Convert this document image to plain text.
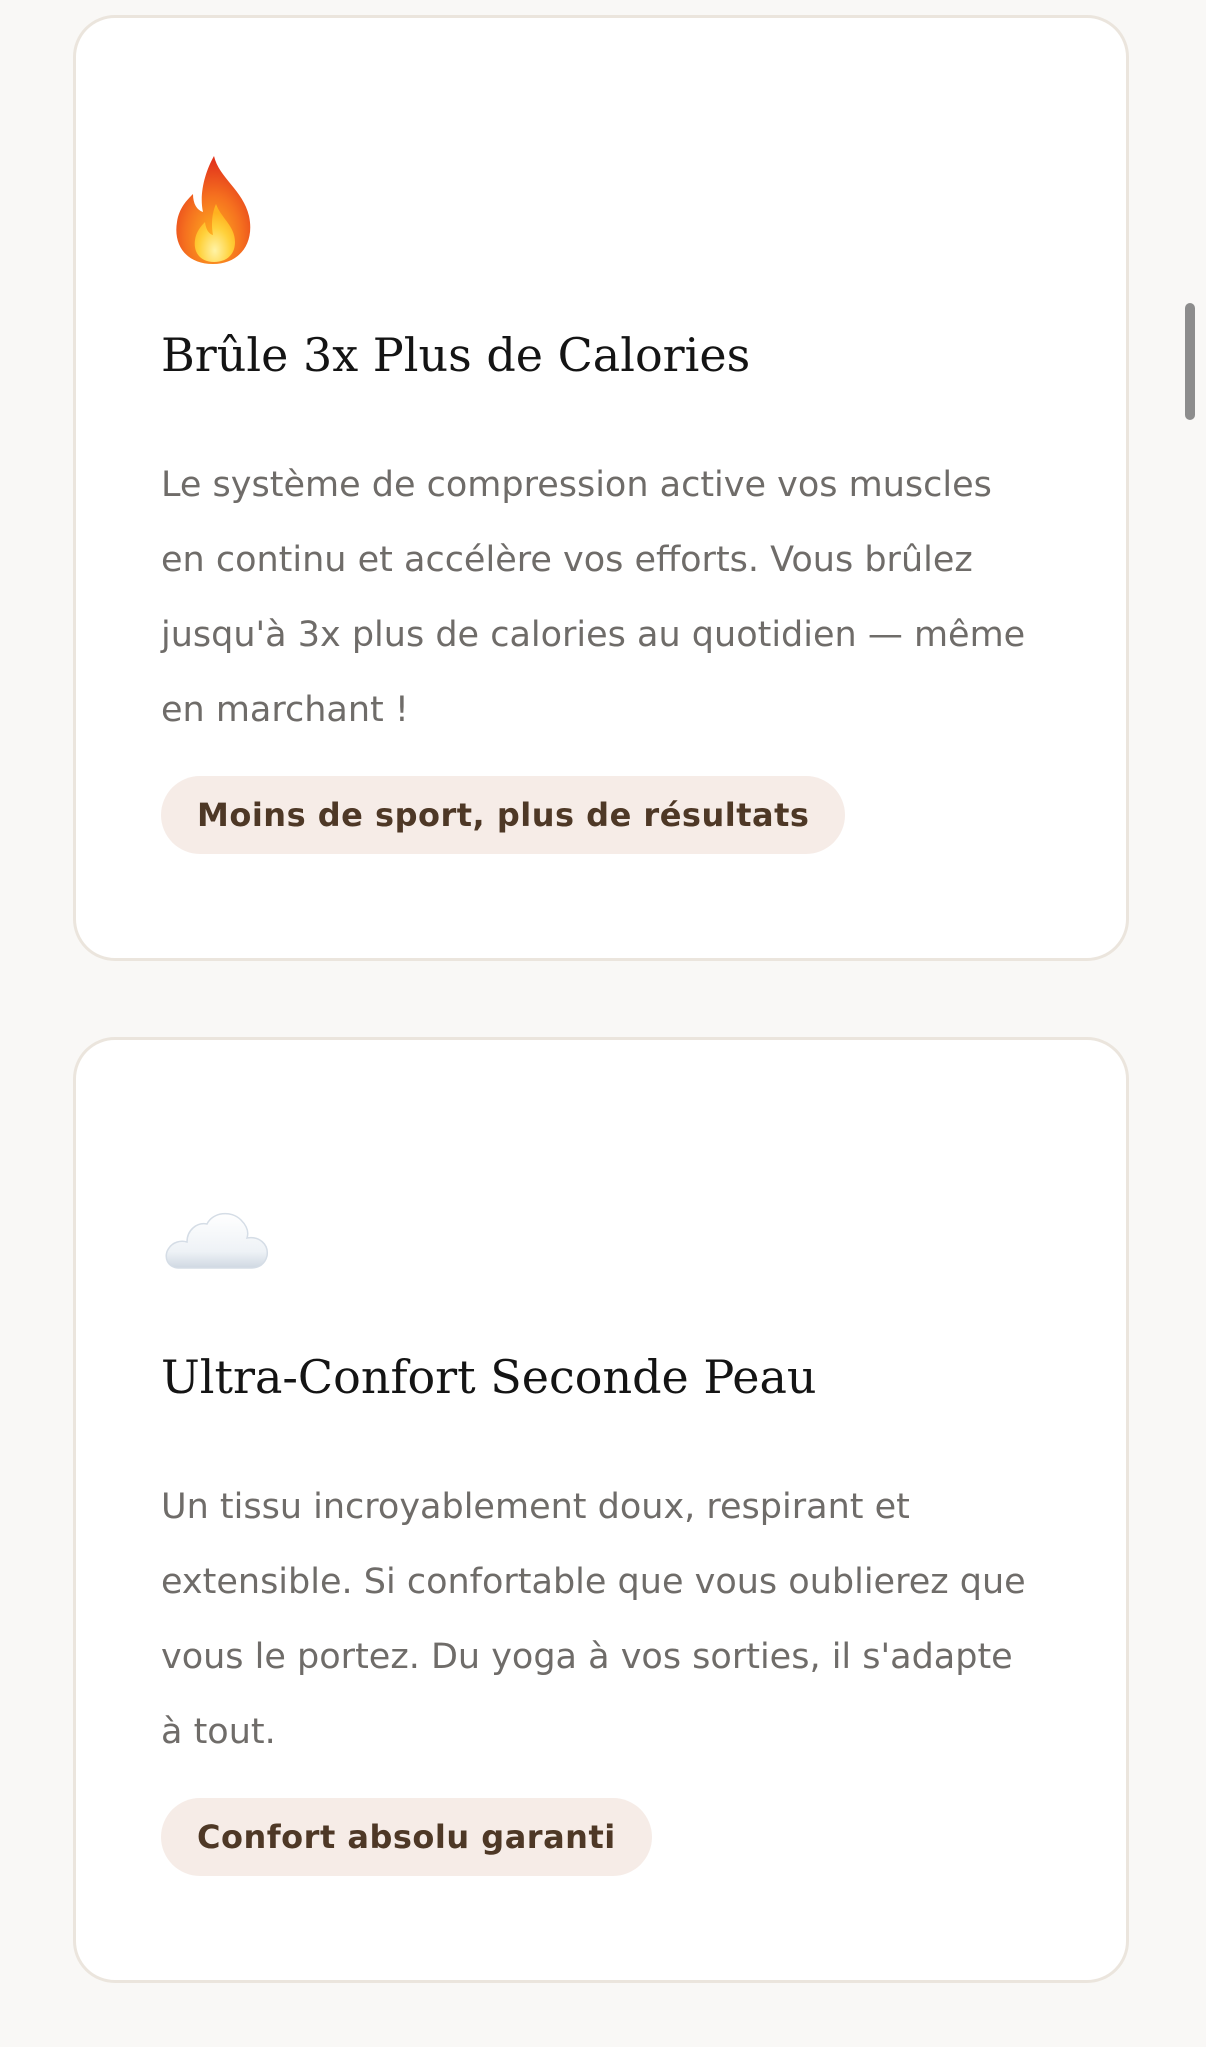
Brûle 3x Plus de Calories

Le système de compression active vos muscles en continu et accélère vos efforts. Vous brûlez jusqu'à 3x plus de calories au quotidien — même en marchant !

Moins de sport, plus de résultats
Ultra-Confort Seconde Peau

Un tissu incroyablement doux, respirant et extensible. Si confortable que vous oublierez que vous le portez. Du yoga à vos sorties, il s'adapte à tout.

Confort absolu garanti
